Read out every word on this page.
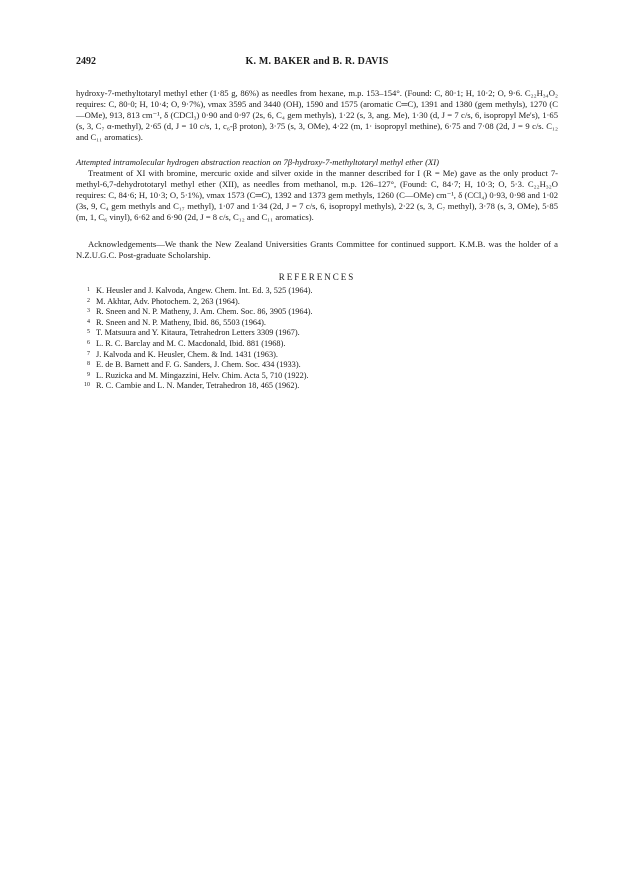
2492	K. M. BAKER and B. R. DAVIS

hydroxy-7-methyltotaryl methyl ether (1·85 g, 86%) as needles from hexane, m.p. 153–154°. (Found: C, 80·1; H, 10·2; O, 9·6. C₂₂H₃₄O₂ requires: C, 80·0; H, 10·4; O, 9·7%), νmax 3595 and 3440 (OH), 1590 and 1575 (aromatic C═C), 1391 and 1380 (gem methyls), 1270 (C—OMe), 913, 813 cm⁻¹, δ (CDCl₃) 0·90 and 0·97 (2s, 6, C₄ gem methyls), 1·22 (s, 3, ang. Me), 1·30 (d, J = 7 c/s, 6, isopropyl Me's), 1·65 (s, 3, C₇ α-methyl), 2·65 (d, J = 10 c/s, 1, c₆-β proton), 3·75 (s, 3, OMe), 4·22 (m, 1· isopropyl methine), 6·75 and 7·08 (2d, J = 9 c/s. C₁₂ and C₁₁ aromatics).

Attempted intramolecular hydrogen abstraction reaction on 7β-hydroxy-7-methyltotaryl methyl ether (XI)

Treatment of XI with bromine, mercuric oxide and silver oxide in the manner described for I (R = Me) gave as the only product 7-methyl-6,7-dehydrototaryl methyl ether (XII), as needles from methanol, m.p. 126–127°, (Found: C, 84·7; H, 10·3; O, 5·3. C₂₂H₃₂O requires: C, 84·6; H, 10·3; O, 5·1%), νmax 1573 (C═C), 1392 and 1373 gem methyls, 1260 (C—OMe) cm⁻¹, δ (CCl₄) 0·93, 0·98 and 1·02 (3s, 9, C₄ gem methyls and C₁₇ methyl), 1·07 and 1·34 (2d, J = 7 c/s, 6, isopropyl methyls), 2·22 (s, 3, C₇ methyl), 3·78 (s, 3, OMe), 5·85 (m, 1, C₆ vinyl), 6·62 and 6·90 (2d, J = 8 c/s, C₁₂ and C₁₁ aromatics).

Acknowledgements—We thank the New Zealand Universities Grants Committee for continued support. K.M.B. was the holder of a N.Z.U.G.C. Post-graduate Scholarship.

REFERENCES
1 K. Heusler and J. Kalvoda, Angew. Chem. Int. Ed. 3, 525 (1964).
2 M. Akhtar, Adv. Photochem. 2, 263 (1964).
3 R. Sneen and N. P. Matheny, J. Am. Chem. Soc. 86, 3905 (1964).
4 R. Sneen and N. P. Matheny, Ibid. 86, 5503 (1964).
5 T. Matsuura and Y. Kitaura, Tetrahedron Letters 3309 (1967).
6 L. R. C. Barclay and M. C. Macdonald, Ibid. 881 (1968).
7 J. Kalvoda and K. Heusler, Chem. & Ind. 1431 (1963).
8 E. de B. Barnett and F. G. Sanders, J. Chem. Soc. 434 (1933).
9 L. Ruzicka and M. Mingazzini, Helv. Chim. Acta 5, 710 (1922).
10 R. C. Cambie and L. N. Mander, Tetrahedron 18, 465 (1962).
